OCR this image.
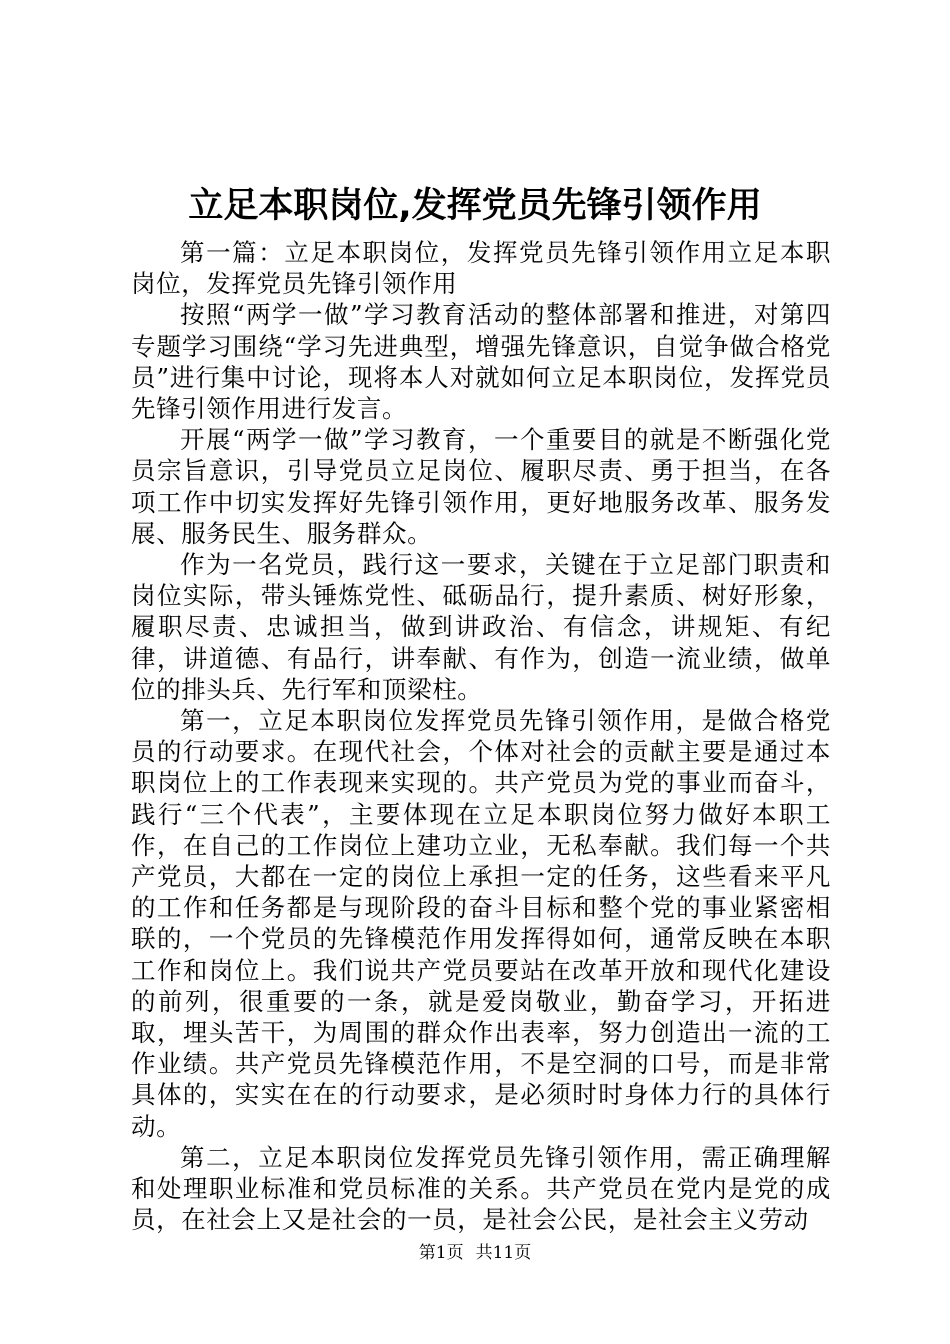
立足本职岗位,发挥党员先锋引领作用

第一篇：立足本职岗位，发挥党员先锋引领作用立足本职岗位，发挥党员先锋引领作用

按照“两学一做”学习教育活动的整体部署和推进，对第四专题学习围绕“学习先进典型，增强先锋意识，自觉争做合格党员”进行集中讨论，现将本人对就如何立足本职岗位，发挥党员先锋引领作用进行发言。

开展“两学一做”学习教育，一个重要目的就是不断强化党员宗旨意识，引导党员立足岗位、履职尽责、勇于担当，在各项工作中切实发挥好先锋引领作用，更好地服务改革、服务发展、服务民生、服务群众。

作为一名党员，践行这一要求，关键在于立足部门职责和岗位实际，带头锤炼党性、砥砺品行，提升素质、树好形象，履职尽责、忠诚担当，做到讲政治、有信念，讲规矩、有纪律，讲道德、有品行，讲奉献、有作为，创造一流业绩，做单位的排头兵、先行军和顶梁柱。

第一，立足本职岗位发挥党员先锋引领作用，是做合格党员的行动要求。在现代社会，个体对社会的贡献主要是通过本职岗位上的工作表现来实现的。共产党员为党的事业而奋斗，践行“三个代表”，主要体现在立足本职岗位努力做好本职工作，在自己的工作岗位上建功立业，无私奉献。我们每一个共产党员，大都在一定的岗位上承担一定的任务，这些看来平凡的工作和任务都是与现阶段的奋斗目标和整个党的事业紧密相联的，一个党员的先锋模范作用发挥得如何，通常反映在本职工作和岗位上。我们说共产党员要站在改革开放和现代化建设的前列，很重要的一条，就是爱岗敬业，勤奋学习，开拓进取，埋头苦干，为周围的群众作出表率，努力创造出一流的工作业绩。共产党员先锋模范作用，不是空洞的口号，而是非常具体的，实实在在的行动要求，是必须时时身体力行的具体行动。

第二，立足本职岗位发挥党员先锋引领作用，需正确理解和处理职业标准和党员标准的关系。共产党员在党内是党的成员，在社会上又是社会的一员，是社会公民，是社会主义劳动

第1页 共11页
